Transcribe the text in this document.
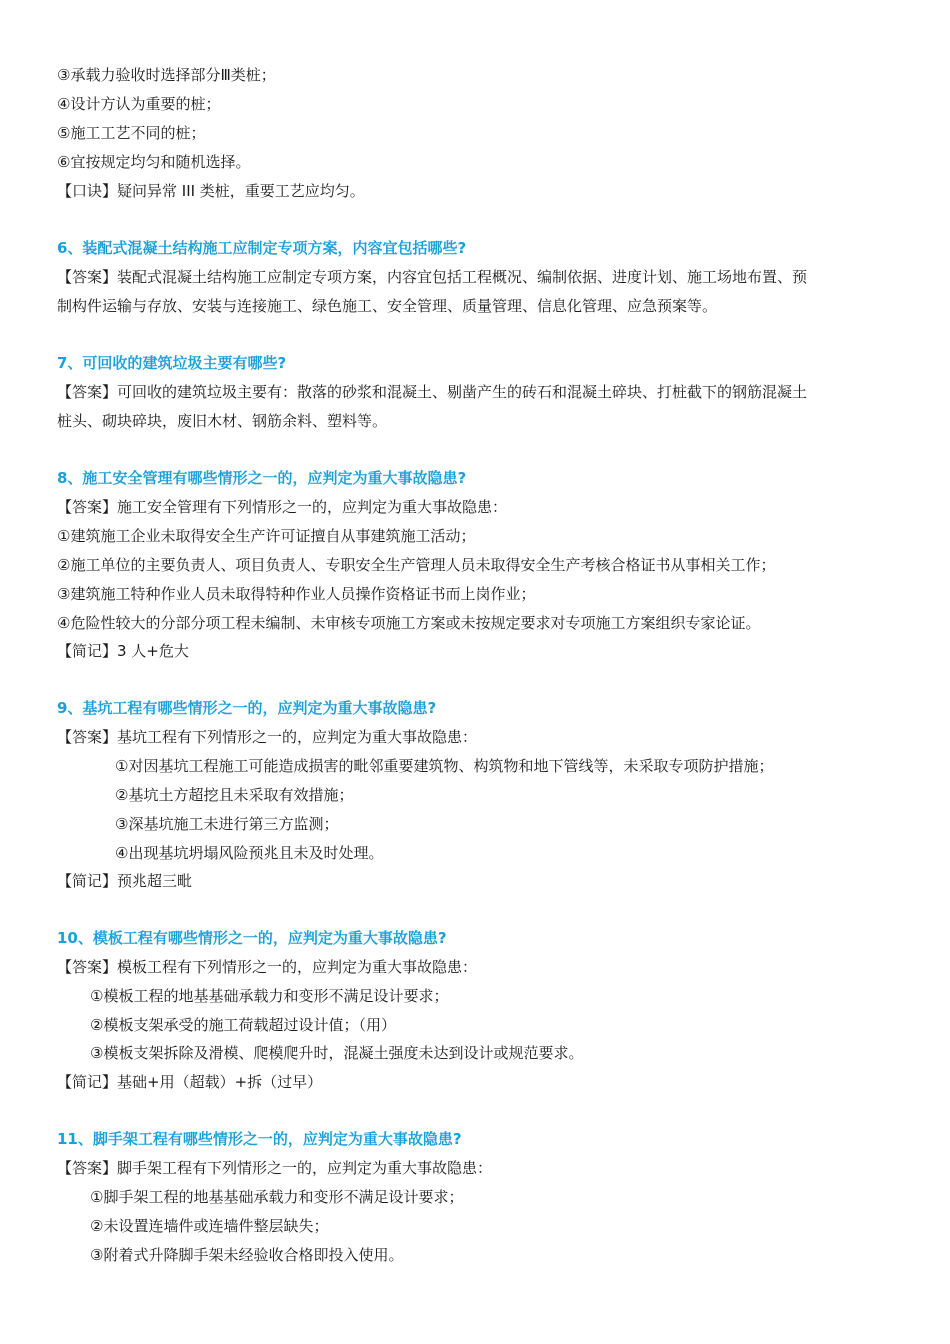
③承载力验收时选择部分Ⅲ类桩；
④设计方认为重要的桩；
⑤施工工艺不同的桩；
⑥宜按规定均匀和随机选择。
【口诀】疑问异常 III 类桩，重要工艺应均匀。
6、装配式混凝土结构施工应制定专项方案，内容宜包括哪些?
【答案】装配式混凝土结构施工应制定专项方案，内容宜包括工程概况、编制依据、进度计划、施工场地布置、预
制构件运输与存放、安装与连接施工、绿色施工、安全管理、质量管理、信息化管理、应急预案等。
7、可回收的建筑垃圾主要有哪些?
【答案】可回收的建筑垃圾主要有：散落的砂浆和混凝土、剔凿产生的砖石和混凝土碎块、打桩截下的钢筋混凝土
桩头、砌块碎块，废旧木材、钢筋余料、塑料等。
8、施工安全管理有哪些情形之一的，应判定为重大事故隐患?
【答案】施工安全管理有下列情形之一的，应判定为重大事故隐患：
①建筑施工企业未取得安全生产许可证擅自从事建筑施工活动；
②施工单位的主要负责人、项目负责人、专职安全生产管理人员未取得安全生产考核合格证书从事相关工作；
③建筑施工特种作业人员未取得特种作业人员操作资格证书而上岗作业；
④危险性较大的分部分项工程未编制、未审核专项施工方案或未按规定要求对专项施工方案组织专家论证。
【简记】3 人+危大
9、基坑工程有哪些情形之一的，应判定为重大事故隐患?
【答案】基坑工程有下列情形之一的，应判定为重大事故隐患：
①对因基坑工程施工可能造成损害的毗邻重要建筑物、构筑物和地下管线等，未采取专项防护措施；
②基坑土方超挖且未采取有效措施；
③深基坑施工未进行第三方监测；
④出现基坑坍塌风险预兆且未及时处理。
【简记】预兆超三毗
10、模板工程有哪些情形之一的，应判定为重大事故隐患?
【答案】模板工程有下列情形之一的，应判定为重大事故隐患：
①模板工程的地基基础承载力和变形不满足设计要求；
②模板支架承受的施工荷载超过设计值；（用）
③模板支架拆除及滑模、爬模爬升时，混凝土强度未达到设计或规范要求。
【简记】基础+用（超载）+拆（过早）
11、脚手架工程有哪些情形之一的，应判定为重大事故隐患?
【答案】脚手架工程有下列情形之一的，应判定为重大事故隐患：
①脚手架工程的地基基础承载力和变形不满足设计要求；
②未设置连墙件或连墙件整层缺失；
③附着式升降脚手架未经验收合格即投入使用。
